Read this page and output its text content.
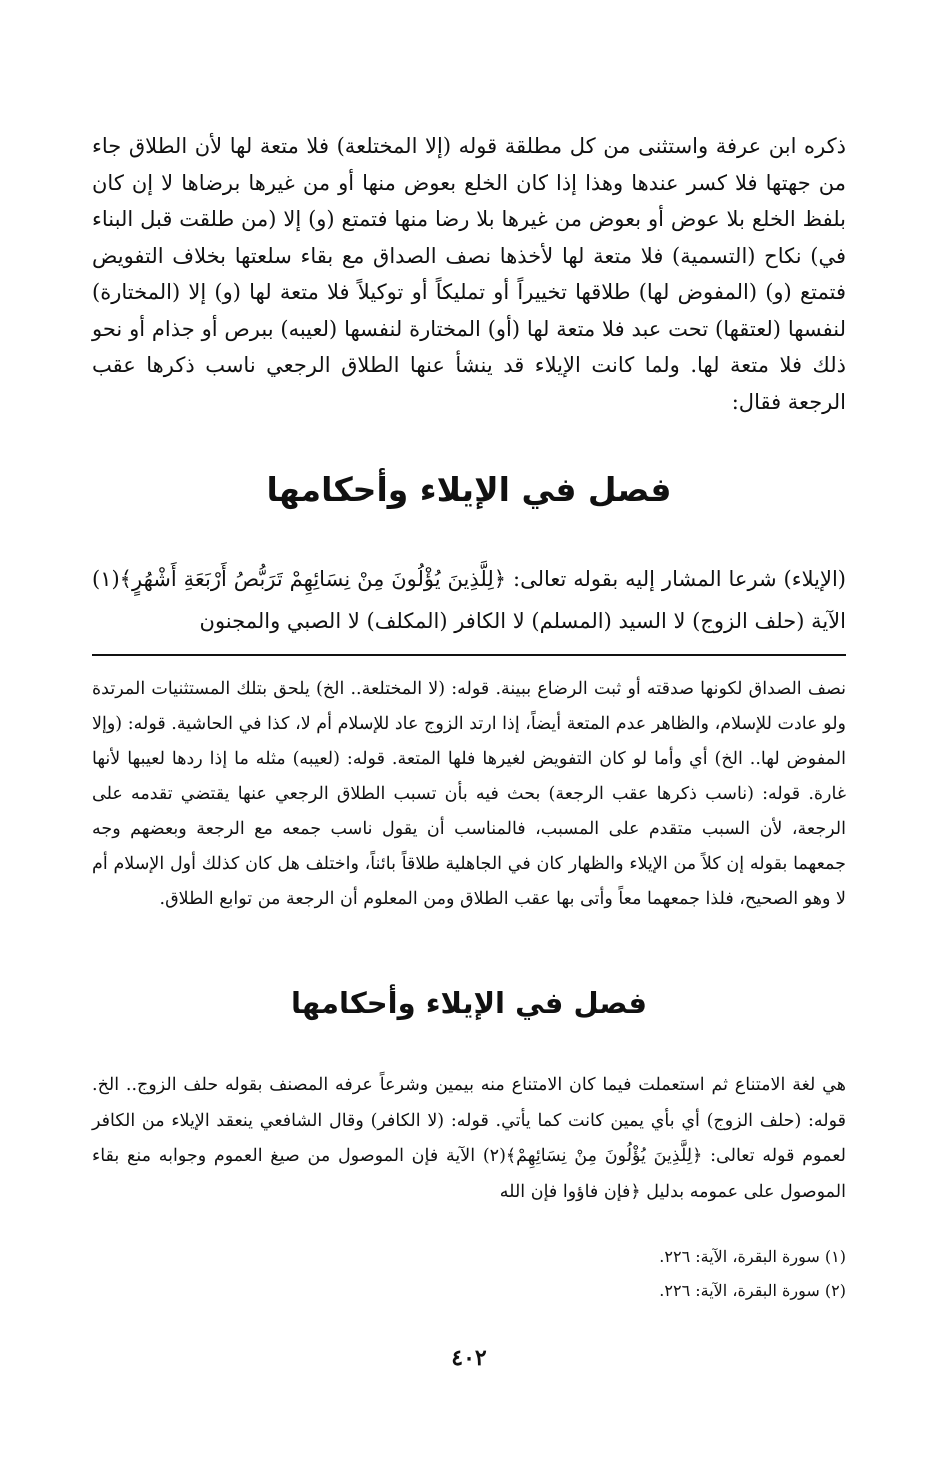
ذكره ابن عرفة واستثنى من كل مطلقة قوله (إلا المختلعة) فلا متعة لها لأن الطلاق جاء من جهتها فلا كسر عندها وهذا إذا كان الخلع بعوض منها أو من غيرها برضاها لا إن كان بلفظ الخلع بلا عوض أو بعوض من غيرها بلا رضا منها فتمتع (و) إلا (من طلقت قبل البناء في) نكاح (التسمية) فلا متعة لها لأخذها نصف الصداق مع بقاء سلعتها بخلاف التفويض فتمتع (و) (المفوض لها) طلاقها تخييراً أو تمليكاً أو توكيلاً فلا متعة لها (و) إلا (المختارة) لنفسها (لعتقها) تحت عبد فلا متعة لها (أو) المختارة لنفسها (لعيبه) ببرص أو جذام أو نحو ذلك فلا متعة لها. ولما كانت الإيلاء قد ينشأ عنها الطلاق الرجعي ناسب ذكرها عقب الرجعة فقال:

فصل في الإيلاء وأحكامها

(الإيلاء) شرعا المشار إليه بقوله تعالى: ﴿لِلَّذِينَ يُؤْلُونَ مِنْ نِسَائِهِمْ تَرَبُّصُ أَرْبَعَةِ أَشْهُرٍ﴾(١) الآية (حلف الزوج) لا السيد (المسلم) لا الكافر (المكلف) لا الصبي والمجنون

نصف الصداق لكونها صدقته أو ثبت الرضاع ببينة. قوله: (لا المختلعة.. الخ) يلحق بتلك المستثنيات المرتدة ولو عادت للإسلام، والظاهر عدم المتعة أيضاً، إذا ارتد الزوج عاد للإسلام أم لا، كذا في الحاشية. قوله: (وإلا المفوض لها.. الخ) أي وأما لو كان التفويض لغيرها فلها المتعة. قوله: (لعيبه) مثله ما إذا ردها لعيبها لأنها غارة. قوله: (ناسب ذكرها عقب الرجعة) بحث فيه بأن تسبب الطلاق الرجعي عنها يقتضي تقدمه على الرجعة، لأن السبب متقدم على المسبب، فالمناسب أن يقول ناسب جمعه مع الرجعة وبعضهم وجه جمعهما بقوله إن كلاً من الإيلاء والظهار كان في الجاهلية طلاقاً بائناً، واختلف هل كان كذلك أول الإسلام أم لا وهو الصحيح، فلذا جمعهما معاً وأتى بها عقب الطلاق ومن المعلوم أن الرجعة من توابع الطلاق.

فصل في الإيلاء وأحكامها

هي لغة الامتناع ثم استعملت فيما كان الامتناع منه بيمين وشرعاً عرفه المصنف بقوله حلف الزوج.. الخ. قوله: (حلف الزوج) أي بأي يمين كانت كما يأتي. قوله: (لا الكافر) وقال الشافعي ينعقد الإيلاء من الكافر لعموم قوله تعالى: ﴿لِلَّذِينَ يُؤْلُونَ مِنْ نِسَائِهِمْ﴾(٢) الآية فإن الموصول من صيغ العموم وجوابه منع بقاء الموصول على عمومه بدليل ﴿فإن فاؤوا فإن الله

(١) سورة البقرة، الآية: ٢٢٦.
(٢) سورة البقرة، الآية: ٢٢٦.
٤٠٢
